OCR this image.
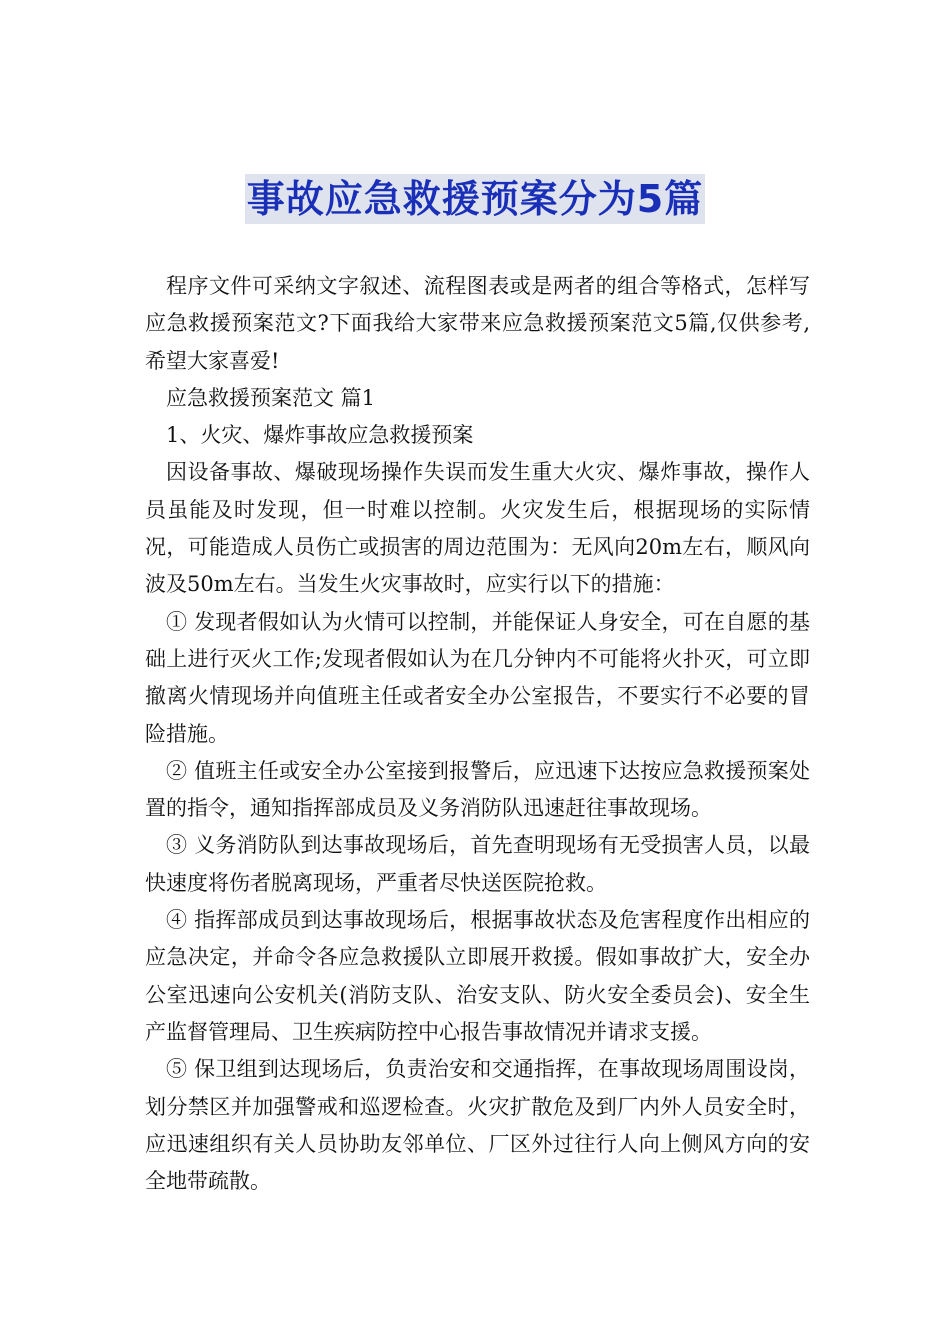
事故应急救援预案分为5篇

程序文件可采纳文字叙述、流程图表或是两者的组合等格式，怎样写应急救援预案范文?下面我给大家带来应急救援预案范文5篇,仅供参考,希望大家喜爱!

应急救援预案范文 篇1

1、火灾、爆炸事故应急救援预案

因设备事故、爆破现场操作失误而发生重大火灾、爆炸事故，操作人员虽能及时发现，但一时难以控制。火灾发生后，根据现场的实际情况，可能造成人员伤亡或损害的周边范围为：无风向20m左右，顺风向波及50m左右。当发生火灾事故时，应实行以下的措施：

① 发现者假如认为火情可以控制，并能保证人身安全，可在自愿的基础上进行灭火工作;发现者假如认为在几分钟内不可能将火扑灭，可立即撤离火情现场并向值班主任或者安全办公室报告，不要实行不必要的冒险措施。

② 值班主任或安全办公室接到报警后，应迅速下达按应急救援预案处置的指令，通知指挥部成员及义务消防队迅速赶往事故现场。

③ 义务消防队到达事故现场后，首先查明现场有无受损害人员，以最快速度将伤者脱离现场，严重者尽快送医院抢救。

④ 指挥部成员到达事故现场后，根据事故状态及危害程度作出相应的应急决定，并命令各应急救援队立即展开救援。假如事故扩大，安全办公室迅速向公安机关(消防支队、治安支队、防火安全委员会)、安全生产监督管理局、卫生疾病防控中心报告事故情况并请求支援。

⑤ 保卫组到达现场后，负责治安和交通指挥，在事故现场周围设岗，划分禁区并加强警戒和巡逻检查。火灾扩散危及到厂内外人员安全时，应迅速组织有关人员协助友邻单位、厂区外过往行人向上侧风方向的安全地带疏散。
